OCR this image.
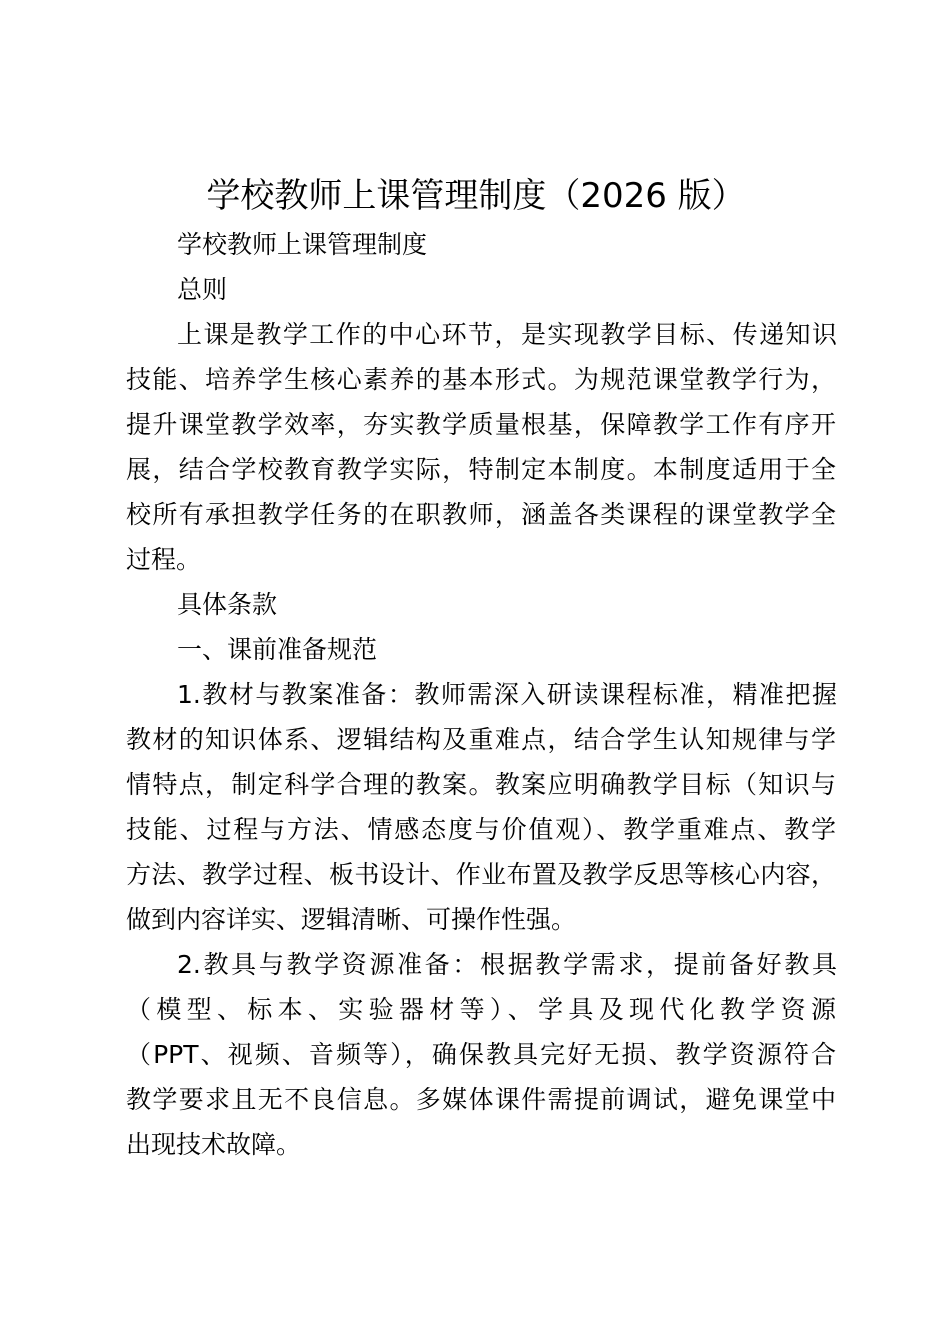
学校教师上课管理制度（2026 版）

学校教师上课管理制度

总则

上课是教学工作的中心环节，是实现教学目标、传递知识

技能、培养学生核心素养的基本形式。为规范课堂教学行为，

提升课堂教学效率，夯实教学质量根基，保障教学工作有序开

展，结合学校教育教学实际，特制定本制度。本制度适用于全

校所有承担教学任务的在职教师，涵盖各类课程的课堂教学全

过程。

具体条款

一、课前准备规范

1.教材与教案准备：教师需深入研读课程标准，精准把握

教材的知识体系、逻辑结构及重难点，结合学生认知规律与学

情特点，制定科学合理的教案。教案应明确教学目标（知识与

技能、过程与方法、情感态度与价值观）、教学重难点、教学

方法、教学过程、板书设计、作业布置及教学反思等核心内容，

做到内容详实、逻辑清晰、可操作性强。

2.教具与教学资源准备：根据教学需求，提前备好教具

（模型、标本、实验器材等）、学具及现代化教学资源

（PPT、视频、音频等），确保教具完好无损、教学资源符合

教学要求且无不良信息。多媒体课件需提前调试，避免课堂中

出现技术故障。
